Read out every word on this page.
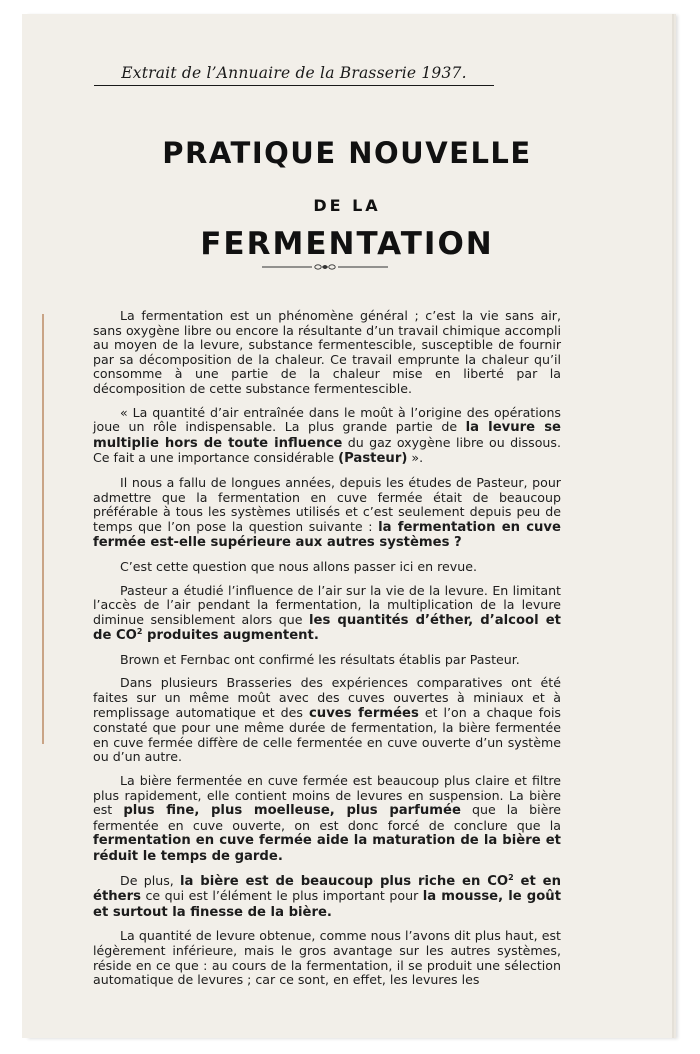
Extrait de l’Annuaire de la Brasserie 1937.
PRATIQUE NOUVELLE
DE LA
FERMENTATION

La fermentation est un phénomène général ; c’est la vie sans air, sans oxygène libre ou encore la résultante d’un travail chimique accompli au moyen de la levure, substance fermentescible, susceptible de fournir par sa décomposition de la chaleur. Ce travail emprunte la chaleur qu’il consomme à une partie de la chaleur mise en liberté par la décomposition de cette substance fermentescible.

« La quantité d’air entraînée dans le moût à l’origine des opérations joue un rôle indispensable. La plus grande partie de la levure se multiplie hors de toute influence du gaz oxygène libre ou dissous. Ce fait a une importance considérable (Pasteur) ».

Il nous a fallu de longues années, depuis les études de Pasteur, pour admettre que la fermentation en cuve fermée était de beaucoup préférable à tous les systèmes utilisés et c’est seulement depuis peu de temps que l’on pose la question suivante : la fermentation en cuve fermée est-elle supérieure aux autres systèmes ?

C’est cette question que nous allons passer ici en revue.

Pasteur a étudié l’influence de l’air sur la vie de la levure. En limitant l’accès de l’air pendant la fermentation, la multiplication de la levure diminue sensiblement alors que les quantités d’éther, d’alcool et de $CO^2$ produites augmentent.

Brown et Fernbac ont confirmé les résultats établis par Pasteur.

Dans plusieurs Brasseries des expériences comparatives ont été faites sur un même moût avec des cuves ouvertes à miniaux et à remplissage automatique et des cuves fermées et l’on a chaque fois constaté que pour une même durée de fermentation, la bière fermentée en cuve fermée diffère de celle fermentée en cuve ouverte d’un système ou d’un autre.

La bière fermentée en cuve fermée est beaucoup plus claire et filtre plus rapidement, elle contient moins de levures en suspension. La bière est plus fine, plus moelleuse, plus parfumée que la bière fermentée en cuve ouverte, on est donc forcé de conclure que la fermentation en cuve fermée aide la maturation de la bière et réduit le temps de garde.

De plus, la bière est de beaucoup plus riche en $CO^2$ et en éthers ce qui est l’élément le plus important pour la mousse, le goût et surtout la finesse de la bière.

La quantité de levure obtenue, comme nous l’avons dit plus haut, est légèrement inférieure, mais le gros avantage sur les autres systèmes, réside en ce que : au cours de la fermentation, il se produit une sélection automatique de levures ; car ce sont, en effet, les levures les
